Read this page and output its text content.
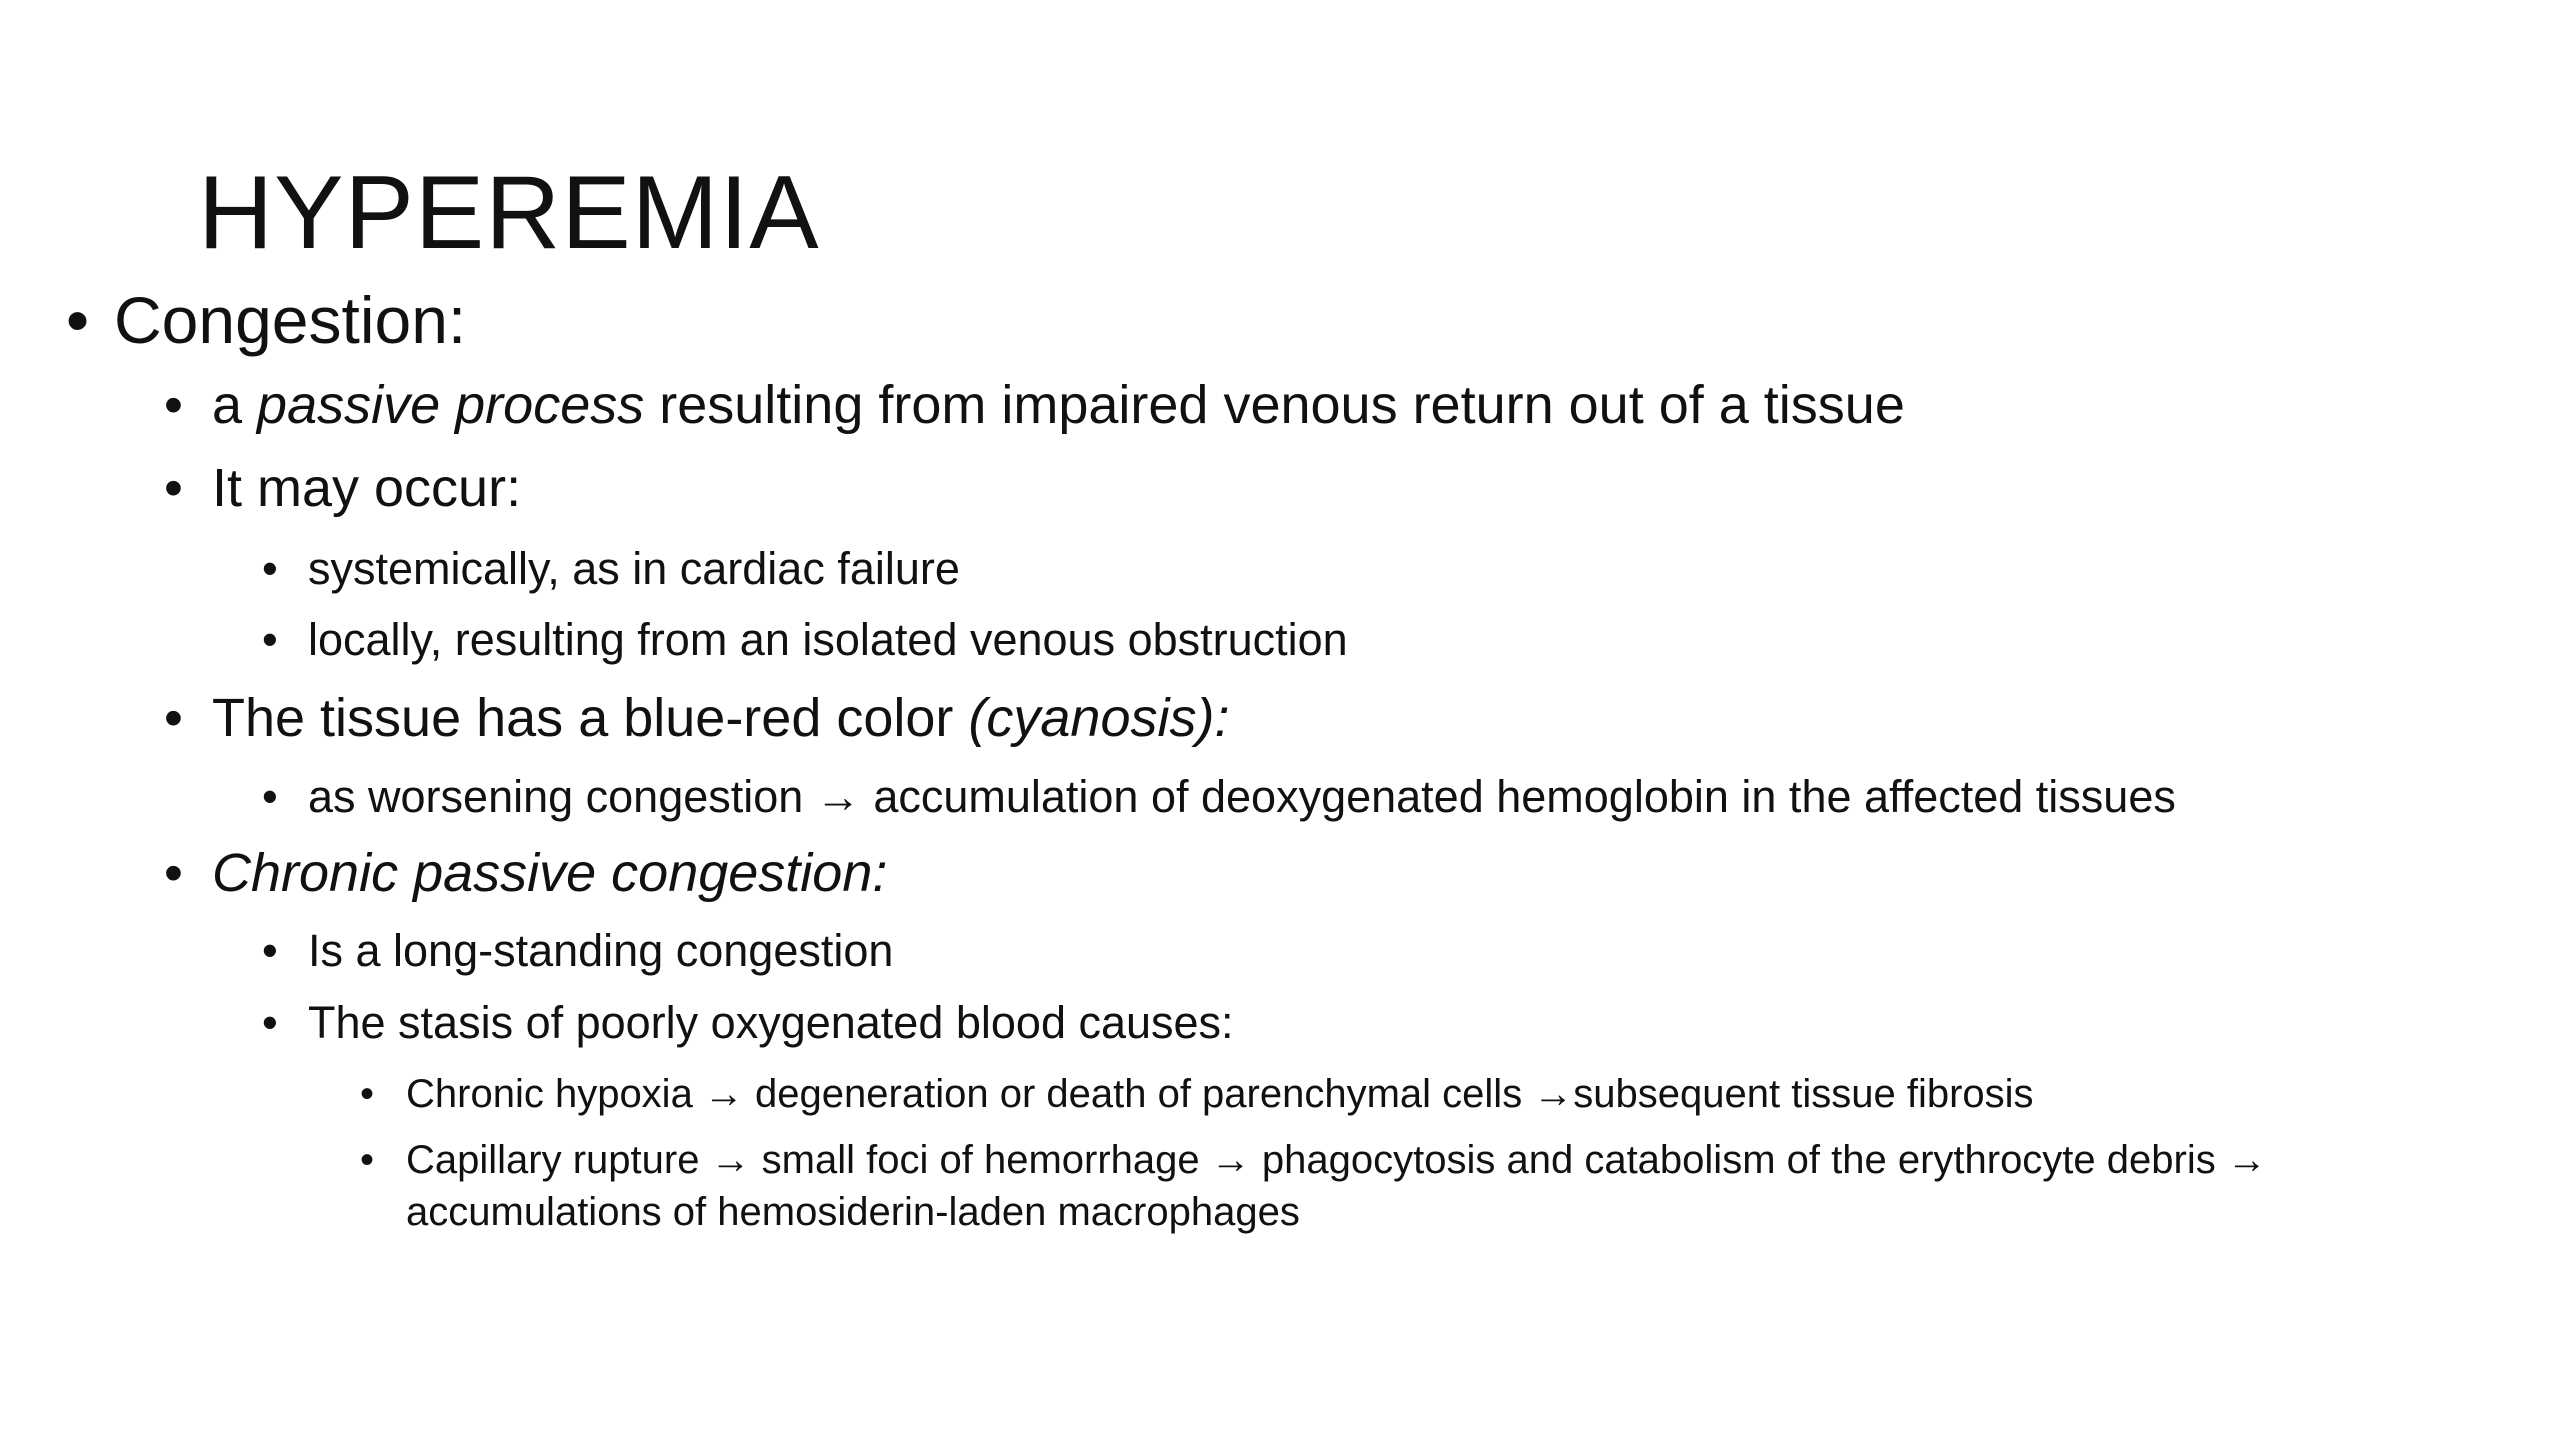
HYPEREMIA
• Congestion:
• a passive process resulting from impaired venous return out of a tissue
• It may occur:
• systemically, as in cardiac failure
• locally, resulting from an isolated venous obstruction
• The tissue has a blue-red color (cyanosis):
• as worsening congestion → accumulation of deoxygenated hemoglobin in the affected tissues
• Chronic passive congestion:
• Is a long-standing congestion
• The stasis of poorly oxygenated blood causes:
• Chronic hypoxia → degeneration or death of parenchymal cells →subsequent tissue fibrosis
• Capillary rupture → small foci of hemorrhage → phagocytosis and catabolism of the erythrocyte debris →
accumulations of hemosiderin-laden macrophages
